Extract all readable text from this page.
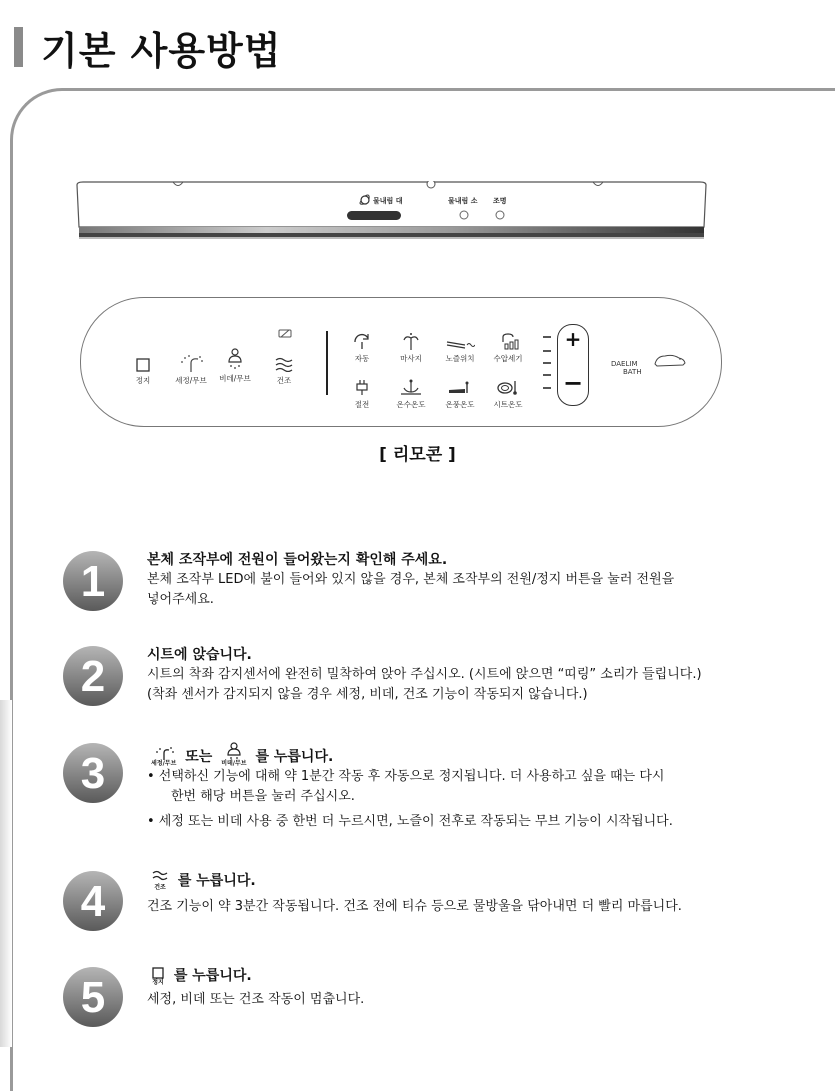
기본 사용방법
물내림 대	물내림 소 조명
정지	세정/무브 비데/무브	건조
자동	마사지	노즐위치	수압세기
절전	온수온도	온풍온도	시트온도
+
−
DAELIM
BATH
[ 리모콘 ]
1	본체 조작부에 전원이 들어왔는지 확인해 주세요.
본체 조작부 LED에 불이 들어와 있지 않을 경우, 본체 조작부의 전원/정지 버튼을 눌러 전원을
넣어주세요.
2	시트에 앉습니다.
시트의 착좌 감지센서에 완전히 밀착하여 앉아 주십시오. (시트에 앉으면 “띠링” 소리가 들립니다.)
(착좌 센서가 감지되지 않을 경우 세정, 비데, 건조 기능이 작동되지 않습니다.)
3	세정/무브 또는 비데/무브 를 누릅니다.
• 선택하신 기능에 대해 약 1분간 작동 후 자동으로 정지됩니다. 더 사용하고 싶을 때는 다시
한번 해당 버튼을 눌러 주십시오.
• 세정 또는 비데 사용 중 한번 더 누르시면, 노즐이 전후로 작동되는 무브 기능이 시작됩니다.
4	건조 를 누릅니다.
건조 기능이 약 3분간 작동됩니다. 건조 전에 티슈 등으로 물방울을 닦아내면 더 빨리 마릅니다.
5	정지 를 누릅니다.
세정, 비데 또는 건조 작동이 멈춥니다.
